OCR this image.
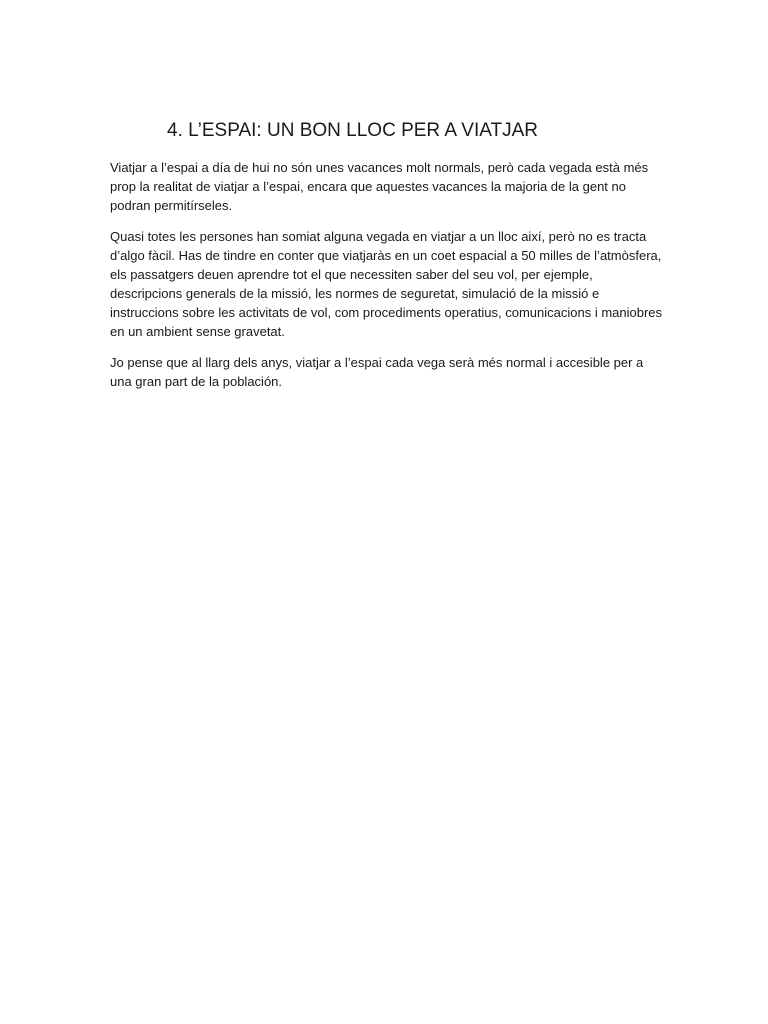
4. L’ESPAI: UN BON LLOC PER A VIATJAR

Viatjar a l’espai a día de hui no són unes vacances molt normals, però cada vegada està més prop la realitat de viatjar a l’espai, encara que aquestes vacances la majoria de la gent no podran permitírseles.

Quasi totes les persones han somiat alguna vegada en viatjar a un lloc així, però no es tracta d’algo fàcil. Has de tindre en conter que viatjaràs en un coet espacial a 50 milles de l’atmòsfera, els passatgers deuen aprendre tot el que necessiten saber del seu vol, per ejemple, descripcions generals de la missió, les normes de seguretat, simulació de la missió e instruccions sobre les activitats de vol, com procediments operatius, comunicacions i maniobres en un ambient sense gravetat.

Jo pense que al llarg dels anys, viatjar a l’espai cada vega serà més normal i accesible per a una gran part de la población.
